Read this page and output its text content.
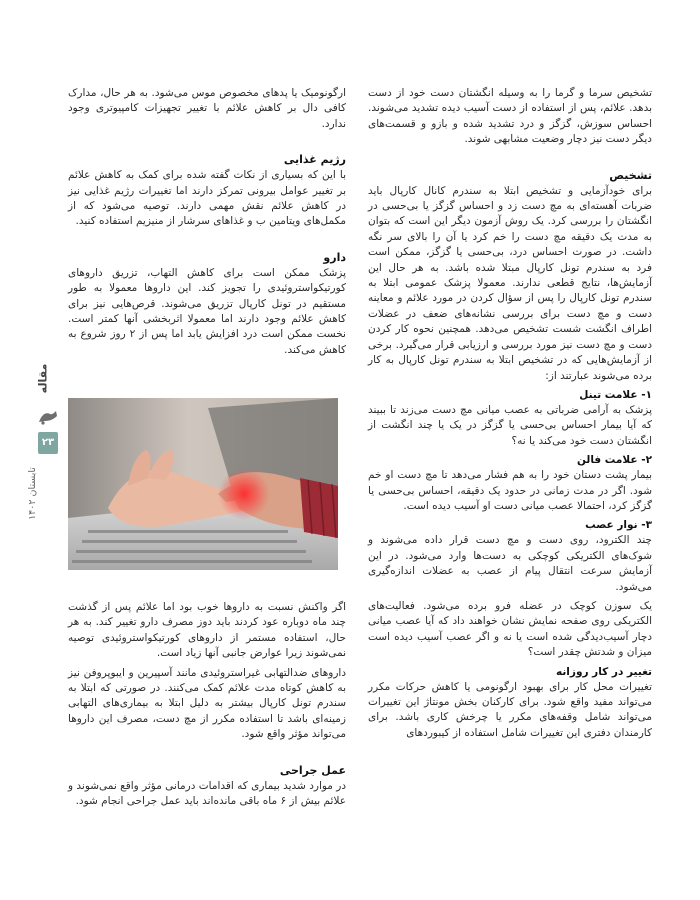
تشخیص سرما و گرما را به وسیله انگشتان دست خود از دست بدهد. علائم، پس از استفاده از دست آسیب دیده تشدید می‌شوند. احساس سوزش، گزگز و درد تشدید شده و بازو و قسمت‌های دیگر دست نیز دچار وضعیت مشابهی شوند.

تشخیص

برای خودآزمایی و تشخیص ابتلا به سندرم کانال کارپال باید ضربات آهسته‌ای به مچ دست زد و احساس گزگز یا بی‌حسی در انگشتان را بررسی کرد. یک روش آزمون دیگر این است که بتوان به مدت یک دقیقه مچ دست را خم کرد یا آن را بالای سر نگه داشت. در صورت احساس درد، بی‌حسی یا گزگز، ممکن است فرد به سندرم تونل کارپال مبتلا شده باشد. به هر حال این آزمایش‌ها، نتایج قطعی ندارند. معمولا پزشک عمومی ابتلا به سندرم تونل کارپال را پس از سؤال کردن در مورد علائم و معاینه دست و مچ دست برای بررسی نشانه‌های ضعف در عضلات اطراف انگشت شست تشخیص می‌دهد. همچنین نحوه کار کردن دست و مچ دست نیز مورد بررسی و ارزیابی قرار می‌گیرد. برخی از آزمایش‌هایی که در تشخیص ابتلا به سندرم تونل کارپال به کار برده می‌شوند عبارتند از:

۱- علامت تینل

پزشک به آرامی ضرباتی به عصب میانی مچ دست می‌زند تا ببیند که آیا بیمار احساس بی‌حسی یا گزگز در یک یا چند انگشت از انگشتان دست خود می‌کند یا نه؟

۲- علامت فالن

بیمار پشت دستان خود را به هم فشار می‌دهد تا مچ دست او خم شود. اگر در مدت زمانی در حدود یک دقیقه، احساس بی‌حسی یا گزگز کرد، احتمالا عصب میانی دست او آسیب دیده است.

۳- نوار عصب

چند الکترود، روی دست و مچ دست قرار داده می‌شوند و شوک‌های الکتریکی کوچکی به دست‌ها وارد می‌شود. در این آزمایش سرعت انتقال پیام از عصب به عضلات اندازه‌گیری می‌شود.

یک سوزن کوچک در عضله فرو برده می‌شود. فعالیت‌های الکتریکی روی صفحه نمایش نشان خواهند داد که آیا عصب میانی دچار آسیب‌دیدگی شده است یا نه و اگر عصب آسیب دیده است میزان و شدتش چقدر است؟

تغییر در کار روزانه

تغییرات محل کار برای بهبود ارگونومی یا کاهش حرکات مکرر می‌تواند مفید واقع شود. برای کارکنان بخش مونتاژ این تغییرات می‌تواند شامل وقفه‌های مکرر یا چرخش کاری باشد. برای کارمندان دفتری این تغییرات شامل استفاده از کیبوردهای

ارگونومیک یا پدهای مخصوص موس می‌شود. به هر حال، مدارک کافی دال بر کاهش علائم با تغییر تجهیزات کامپیوتری وجود ندارد.

رژیم غذایی

با این که بسیاری از نکات گفته شده برای کمک به کاهش علائم بر تغییر عوامل بیرونی تمرکز دارند اما تغییرات رژیم غذایی نیز در کاهش علائم نقش مهمی دارند. توصیه می‌شود که از مکمل‌های ویتامین ب و غذاهای سرشار از منیزیم استفاده کنید.

دارو

پزشک ممکن است برای کاهش التهاب، تزریق داروهای کورتیکواستروئیدی را تجویز کند. این داروها معمولا به طور مستقیم در تونل کارپال تزریق می‌شوند. قرص‌هایی نیز برای کاهش علائم وجود دارند اما معمولا اثربخشی آنها کمتر است. نخست ممکن است درد افزایش یابد اما پس از ۲ روز شروع به کاهش می‌کند.

اگر واکنش نسبت به داروها خوب بود اما علائم پس از گذشت چند ماه دوباره عود کردند باید دوز مصرف دارو تغییر کند. به هر حال، استفاده مستمر از داروهای کورتیکواستروئیدی توصیه نمی‌شوند زیرا عوارض جانبی آنها زیاد است.

داروهای ضدالتهابی غیراستروئیدی مانند آسپیرین و ایبوپروفن نیز به کاهش کوتاه مدت علائم کمک می‌کنند. در صورتی که ابتلا به سندرم تونل کارپال بیشتر به دلیل ابتلا به بیماری‌های التهابی زمینه‌ای باشد تا استفاده مکرر از مچ دست، مصرف این داروها می‌تواند مؤثر واقع شود.

عمل جراحی

در موارد شدید بیماری که اقدامات درمانی مؤثر واقع نمی‌شوند و علائم بیش از ۶ ماه باقی مانده‌اند باید عمل جراحی انجام شود.

مقاله
۲۳
تابستان ۱۴۰۲
